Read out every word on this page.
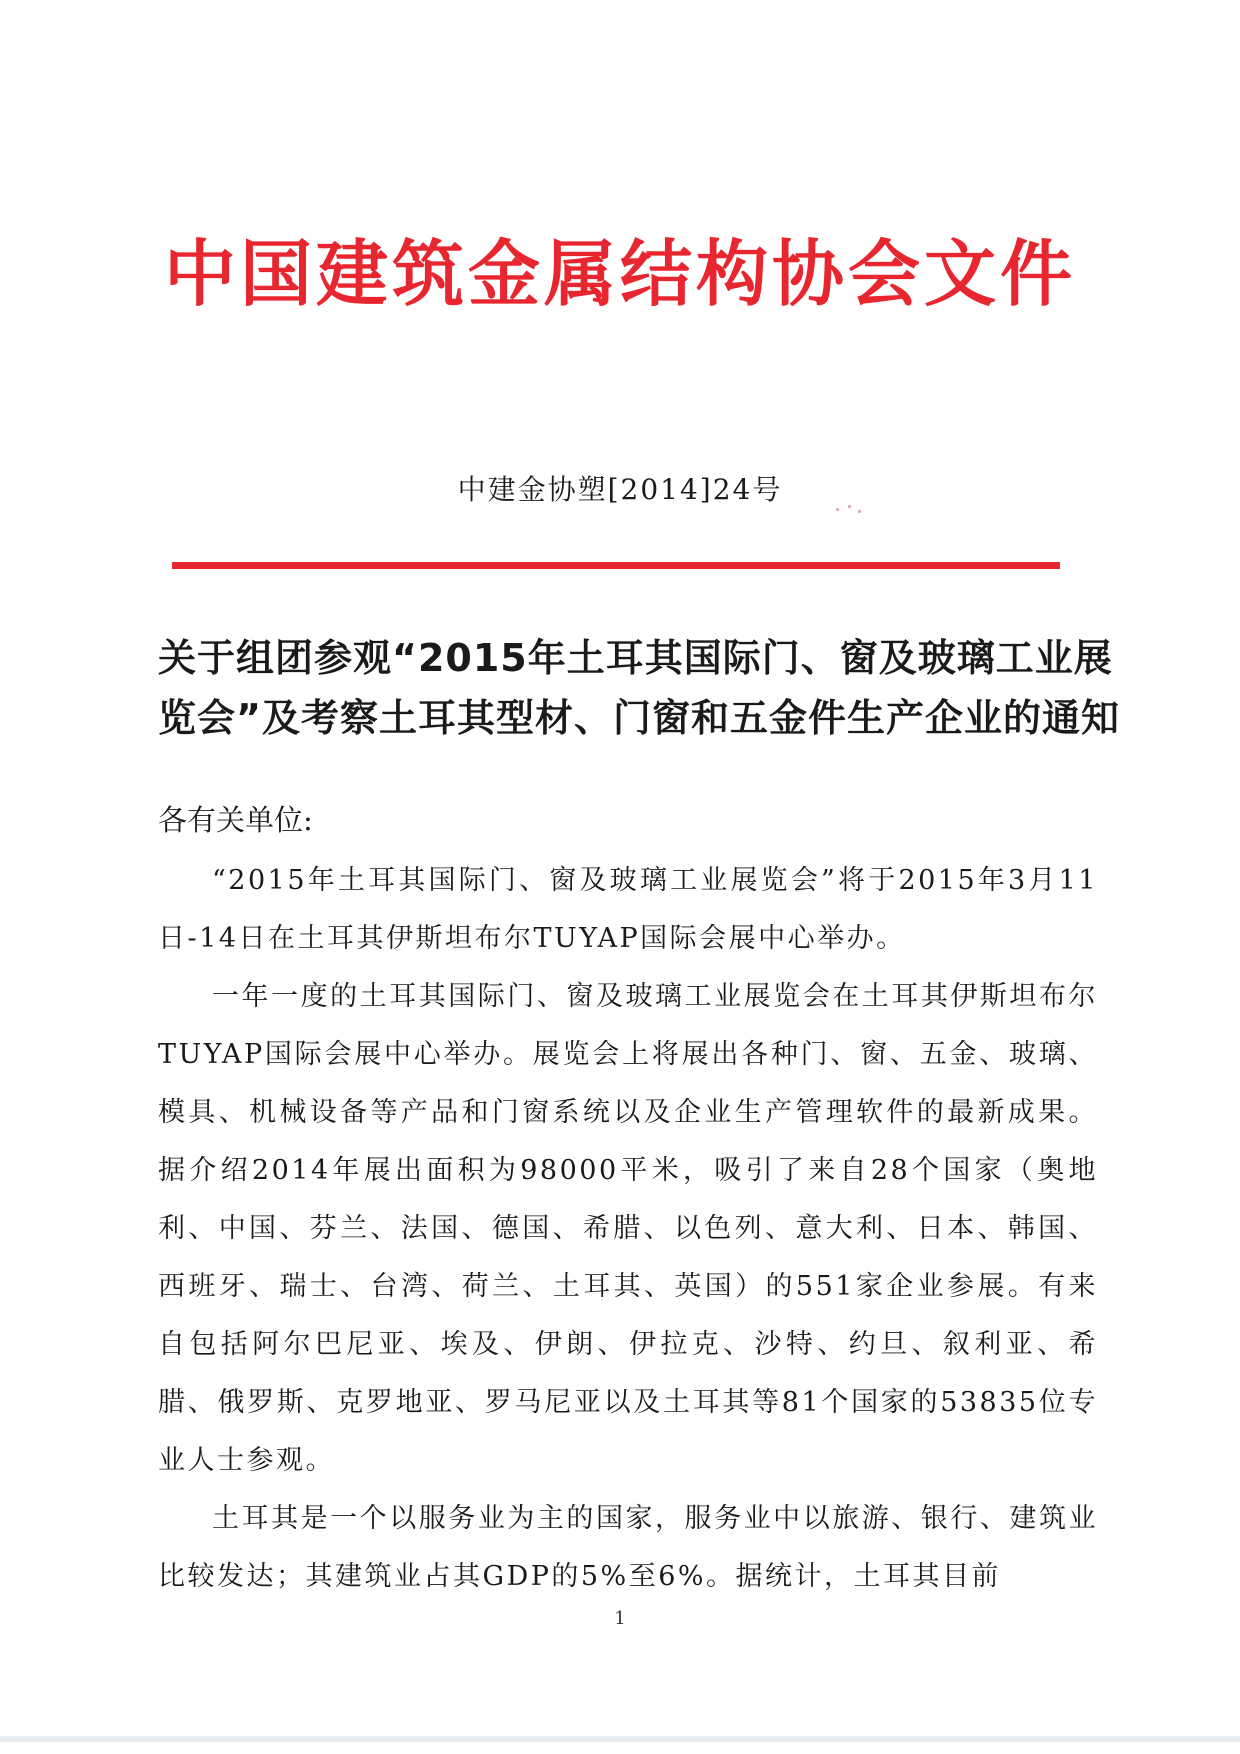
中国建筑金属结构协会文件
中建金协塑[2014]24号
关于组团参观“2015年土耳其国际门、窗及玻璃工业展
览会”及考察土耳其型材、门窗和五金件生产企业的通知
各有关单位:

“2015年土耳其国际门、窗及玻璃工业展览会”将于2015年3月11日-14日在土耳其伊斯坦布尔TUYAP国际会展中心举办。

一年一度的土耳其国际门、窗及玻璃工业展览会在土耳其伊斯坦布尔TUYAP国际会展中心举办。展览会上将展出各种门、窗、五金、玻璃、模具、机械设备等产品和门窗系统以及企业生产管理软件的最新成果。据介绍2014年展出面积为98000平米，吸引了来自28个国家（奥地利、中国、芬兰、法国、德国、希腊、以色列、意大利、日本、韩国、西班牙、瑞士、台湾、荷兰、土耳其、英国）的551家企业参展。有来自包括阿尔巴尼亚、埃及、伊朗、伊拉克、沙特、约旦、叙利亚、希腊、俄罗斯、克罗地亚、罗马尼亚以及土耳其等81个国家的53835位专业人士参观。

土耳其是一个以服务业为主的国家，服务业中以旅游、银行、建筑业比较发达；其建筑业占其GDP的5%至6%。据统计，土耳其目前

1
